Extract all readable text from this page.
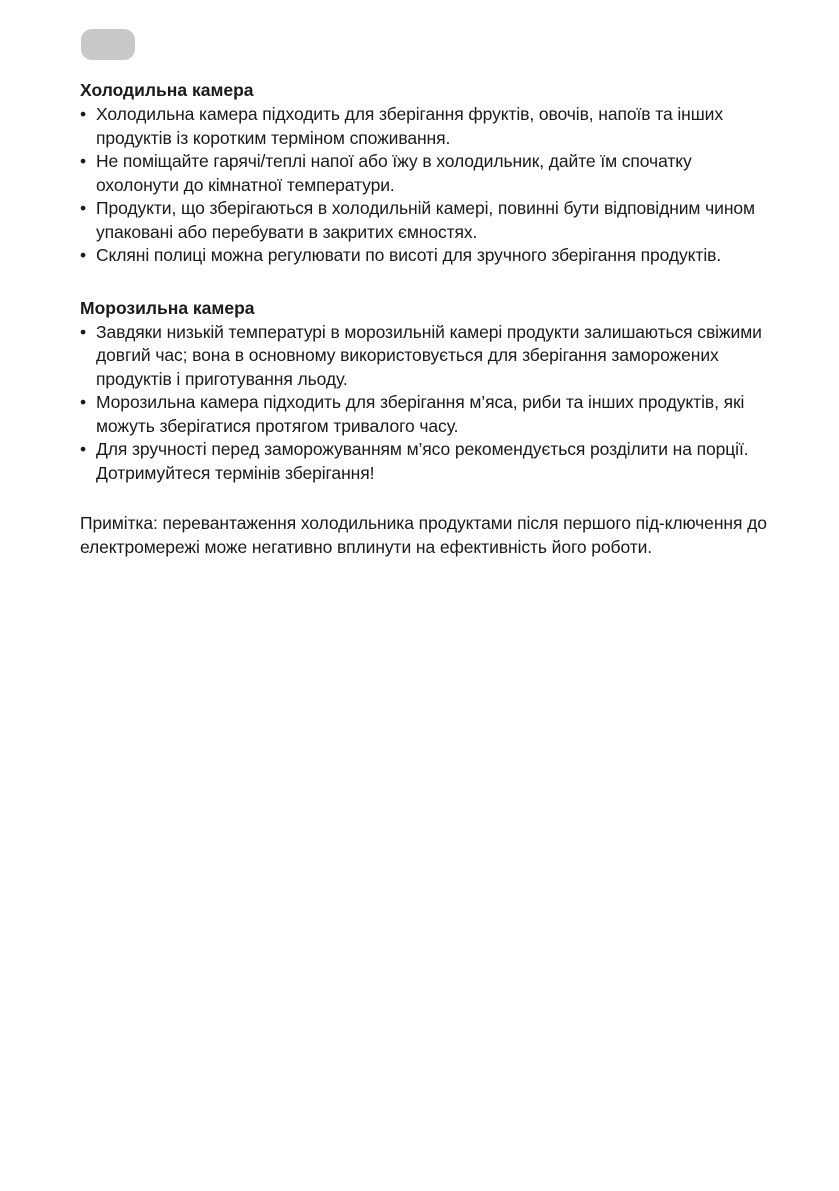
Холодильна камера
• Холодильна камера підходить для зберігання фруктів, овочів, напоїв та інших продуктів із коротким терміном споживання.
• Не поміщайте гарячі/теплі напої або їжу в холодильник, дайте їм спочатку охолонути до кімнатної температури.
• Продукти, що зберігаються в холодильній камері, повинні бути відповідним чином упаковані або перебувати в закритих ємностях.
• Скляні полиці можна регулювати по висоті для зручного зберігання продуктів.
Морозильна камера
• Завдяки низькій температурі в морозильній камері продукти залишаються свіжими довгий час; вона в основному використовується для зберігання заморожених продуктів і приготування льоду.
• Морозильна камера підходить для зберігання м’яса, риби та інших продуктів, які можуть зберігатися протягом тривалого часу.
• Для зручності перед заморожуванням м’ясо рекомендується розділити на порції. Дотримуйтеся термінів зберігання!

Примітка: перевантаження холодильника продуктами після першого під-ключення до електромережі може негативно вплинути на ефективність його роботи.
